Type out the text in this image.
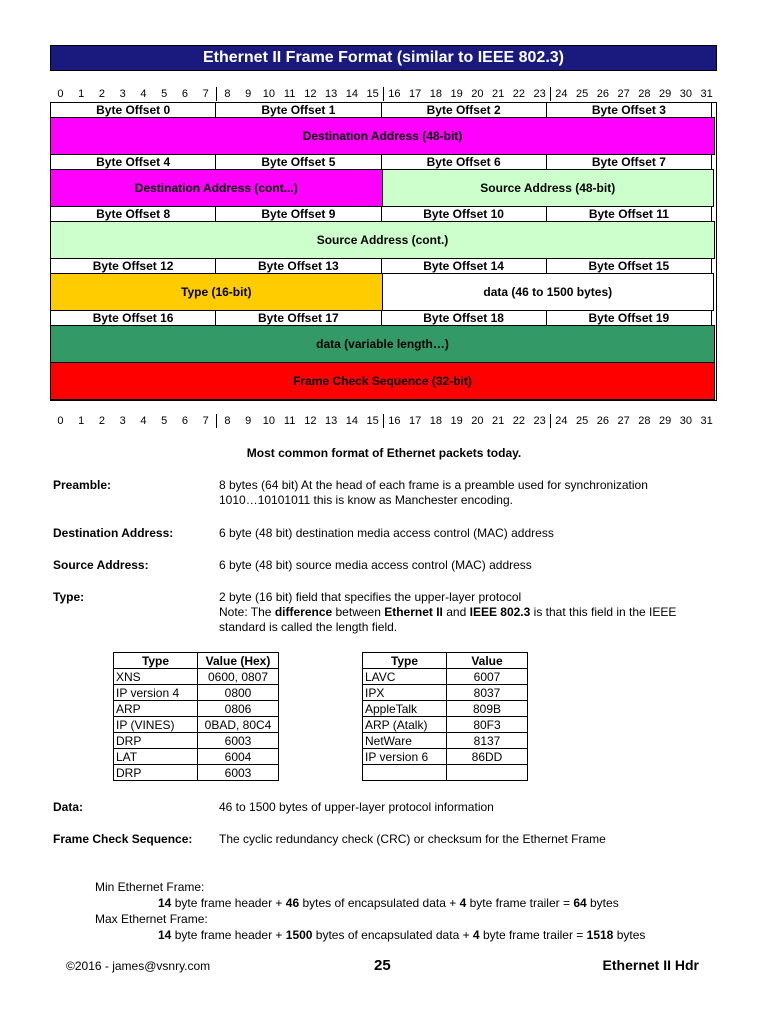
Ethernet II Frame Format (similar to IEEE 802.3)
0	1	2	3	4	5	6	7	8	9	10 11 12 13 14 15 16 17 18 19 20 21 22 23 24 25 26 27 28 29 30 31
Byte Offset 0	Byte Offset 1	Byte Offset 2	Byte Offset 3
Destination Address (48-bit)
Byte Offset 4	Byte Offset 5	Byte Offset 6	Byte Offset 7
Destination Address (cont...)	Source Address (48-bit)
Byte Offset 8	Byte Offset 9	Byte Offset 10	Byte Offset 11
Source Address (cont.)
Byte Offset 12	Byte Offset 13	Byte Offset 14	Byte Offset 15
Type (16-bit)	data (46 to 1500 bytes)
Byte Offset 16	Byte Offset 17	Byte Offset 18	Byte Offset 19
data (variable length…)
Frame Check Sequence (32-bit)
0	1	2	3	4	5	6	7	8	9	10 11 12 13 14 15 16 17 18 19 20 21 22 23 24 25 26 27 28 29 30 31
Most common format of Ethernet packets today.
Preamble:	8 bytes (64 bit) At the head of each frame is a preamble used for synchronization
1010…10101011 this is know as Manchester encoding.
Destination Address:	6 byte (48 bit) destination media access control (MAC) address
Source Address:	6 byte (48 bit) source media access control (MAC) address
Type:	2 byte (16 bit) field that specifies the upper-layer protocol
Note: The difference between Ethernet II and IEEE 802.3 is that this field in the IEEE
standard is called the length field.
Type	Value (Hex)
XNS	0600, 0807
IP version 4	0800
ARP	0806
IP (VINES)	0BAD, 80C4
DRP	6003
LAT	6004
DRP	6003
Type	Value
LAVC	6007
IPX	8037
AppleTalk	809B
ARP (Atalk)	80F3
NetWare	8137
IP version 6	86DD

Data:	46 to 1500 bytes of upper-layer protocol information
Frame Check Sequence: The cyclic redundancy check (CRC) or checksum for the Ethernet Frame
Min Ethernet Frame:
14 byte frame header + 46 bytes of encapsulated data + 4 byte frame trailer = 64 bytes
Max Ethernet Frame:
14 byte frame header + 1500 bytes of encapsulated data + 4 byte frame trailer = 1518 bytes
©2016 - james@vsnry.com	25	Ethernet II Hdr
